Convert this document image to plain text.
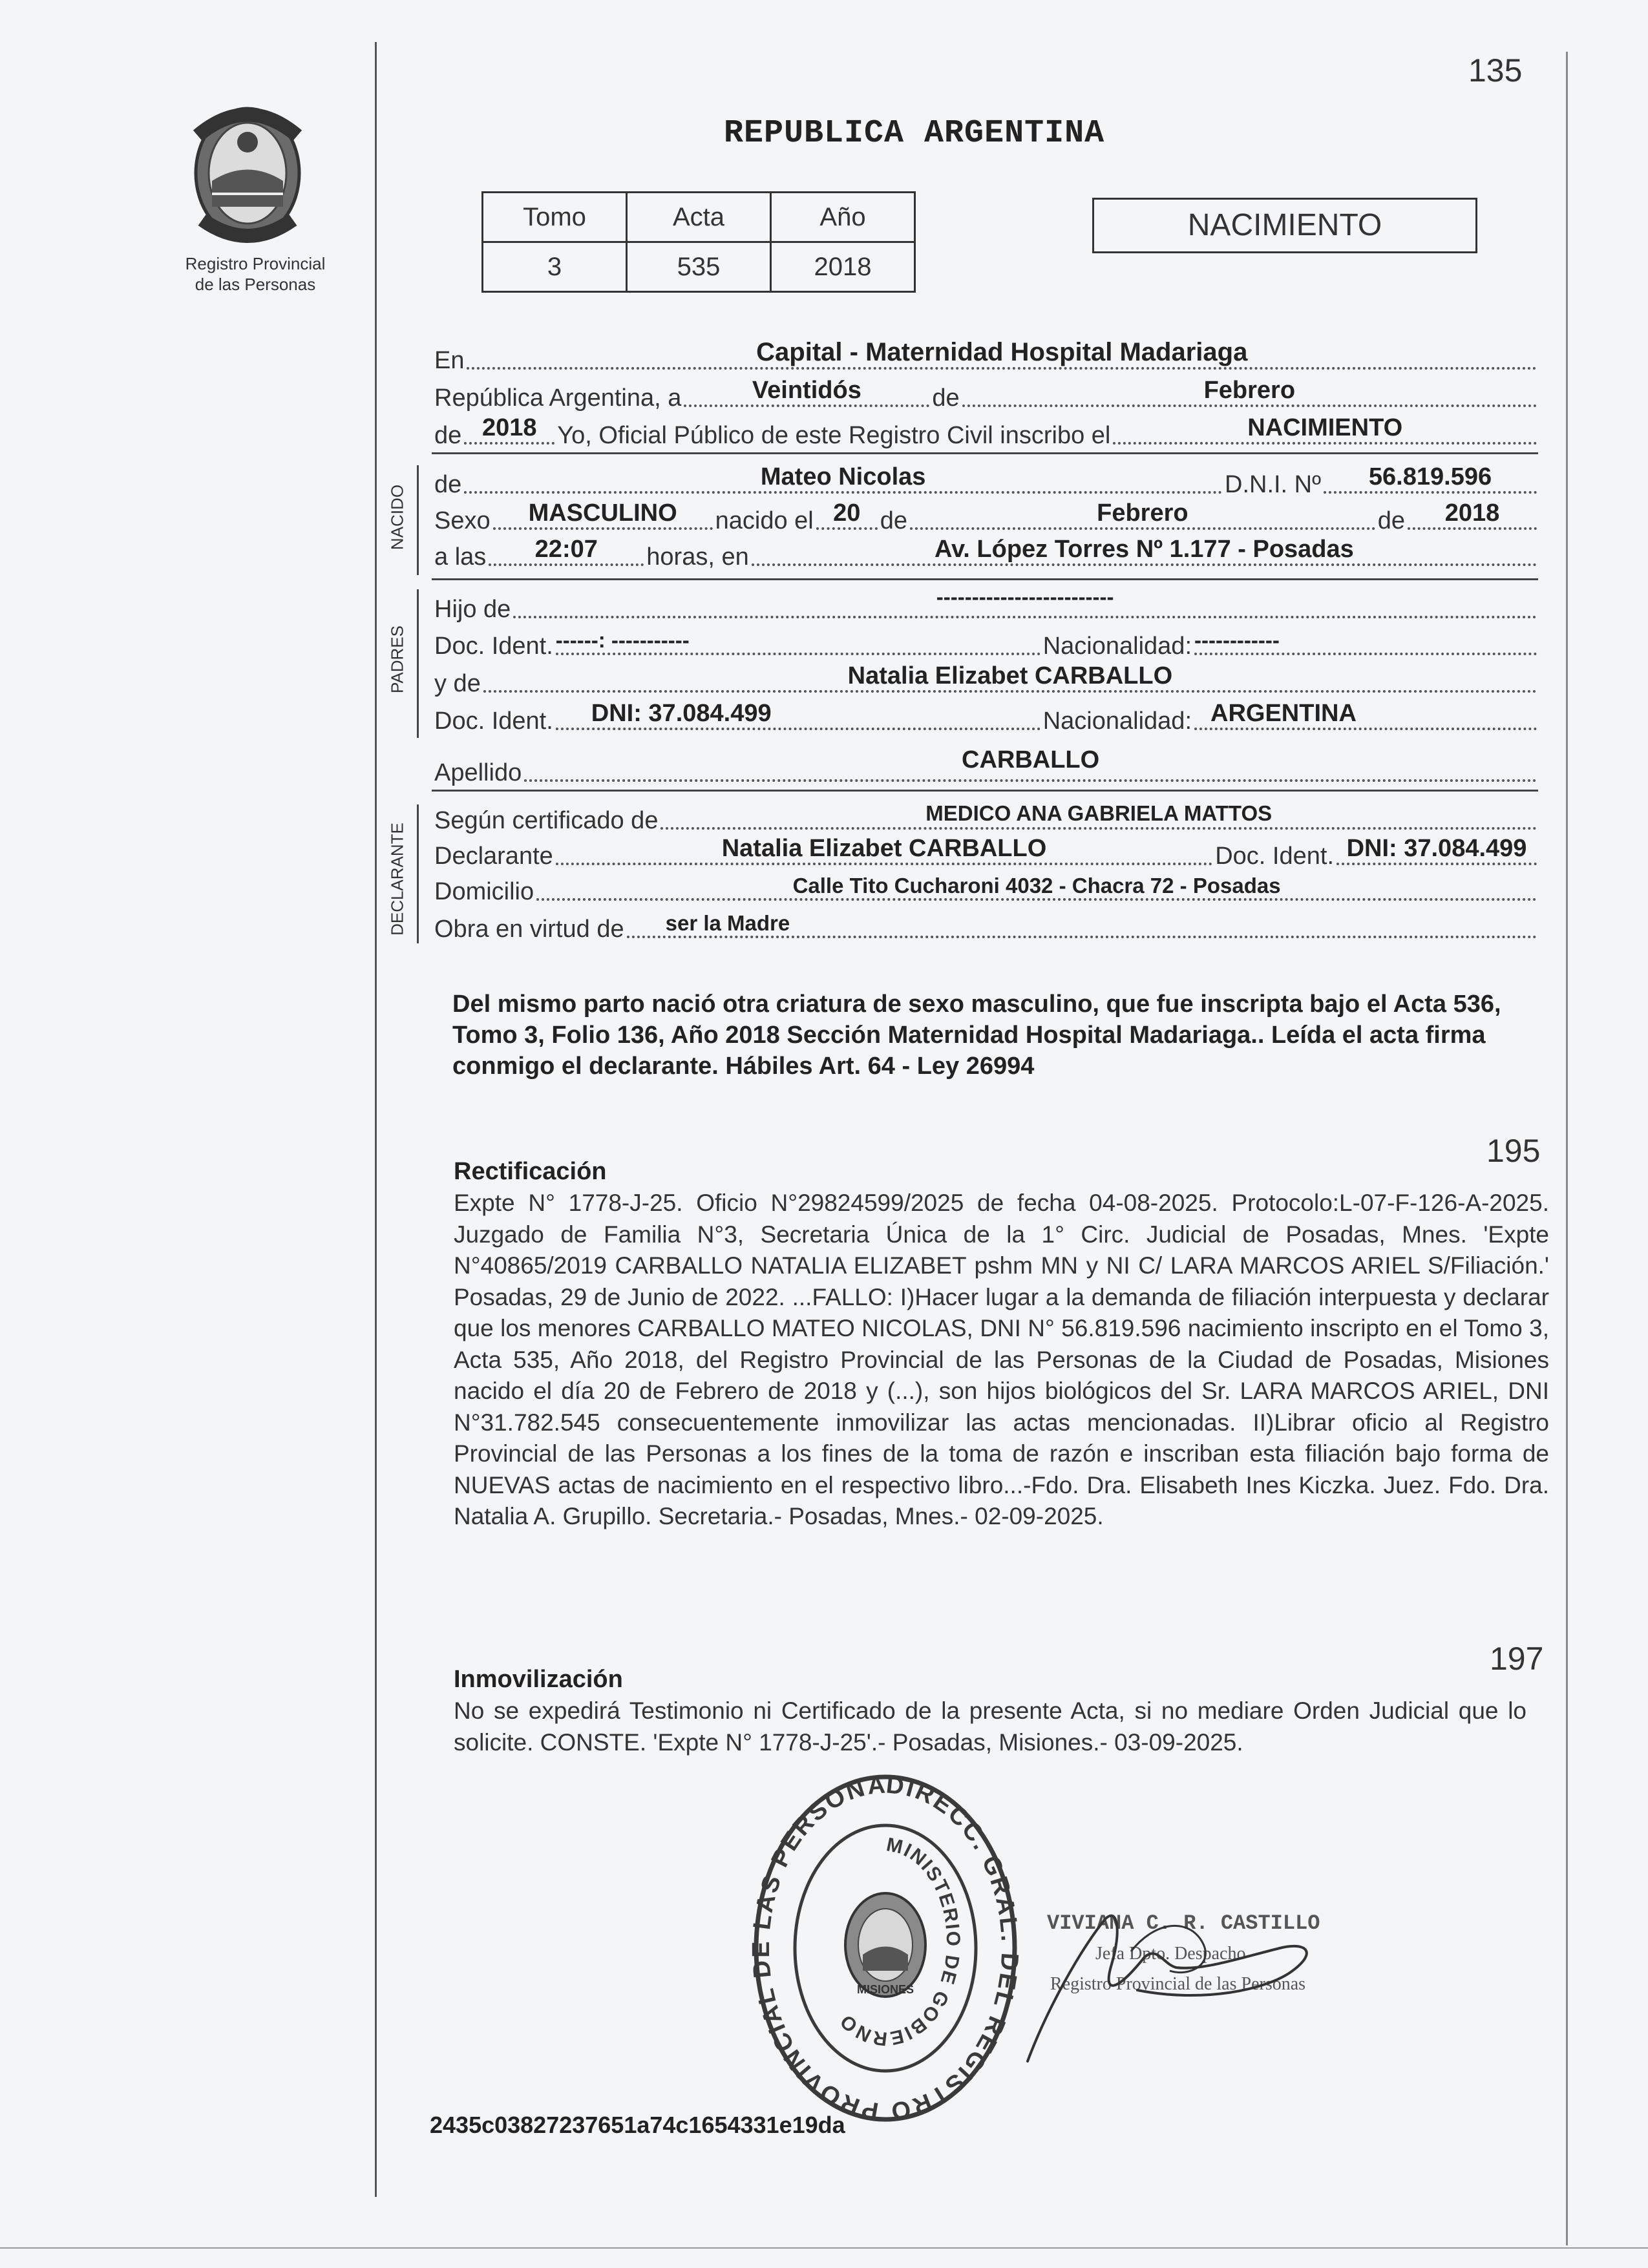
135
Registro Provincial
de las Personas
REPUBLICA ARGENTINA
Tomo	Acta	Año
3	535	2018
NACIMIENTO
En	Capital - Maternidad Hospital Madariaga
República Argentina, a	Veintidós	de	Febrero
de 2018 Yo, Oficial Público de este Registro Civil inscribo el	NACIMIENTO
NACIDO de	Mateo Nicolas	D.N.I. Nº	56.819.596
Sexo	MASCULINO	nacido el 20 de	Febrero	de	2018
a las	22:07	horas, en	Av. López Torres Nº 1.177 - Posadas
PADRES
Hijo de	-------------------------
Doc. Ident. ------: -----------	Nacionalidad: ------------
y de	Natalia Elizabet CARBALLO
Doc. Ident.	DNI: 37.084.499	Nacionalidad: ARGENTINA
Apellido	CARBALLO
DECLARANTE
Según certificado de	MEDICO ANA GABRIELA MATTOS
Declarante	Natalia Elizabet CARBALLO	Doc. Ident. DNI: 37.084.499
Domicilio	Calle Tito Cucharoni 4032 - Chacra 72 - Posadas
Obra en virtud de	ser la Madre
Del mismo parto nació otra criatura de sexo masculino, que fue inscripta bajo el Acta 536, Tomo 3, Folio 136, Año 2018 Sección Maternidad Hospital Madariaga.. Leída el acta firma conmigo el declarante. Hábiles Art. 64 - Ley 26994
195
Rectificación
Expte N° 1778-J-25. Oficio N°29824599/2025 de fecha 04-08-2025. Protocolo:L-07-F-126-A-2025. Juzgado de Familia N°3, Secretaria Única de la 1° Circ. Judicial de Posadas, Mnes. 'Expte N°40865/2019 CARBALLO NATALIA ELIZABET pshm MN y NI C/ LARA MARCOS ARIEL S/Filiación.' Posadas, 29 de Junio de 2022. ...FALLO: I)Hacer lugar a la demanda de filiación interpuesta y declarar que los menores CARBALLO MATEO NICOLAS, DNI N° 56.819.596 nacimiento inscripto en el Tomo 3, Acta 535, Año 2018, del Registro Provincial de las Personas de la Ciudad de Posadas, Misiones nacido el día 20 de Febrero de 2018 y (...), son hijos biológicos del Sr. LARA MARCOS ARIEL, DNI N°31.782.545 consecuentemente inmovilizar las actas mencionadas. II)Librar oficio al Registro Provincial de las Personas a los fines de la toma de razón e inscriban esta filiación bajo forma de NUEVAS actas de nacimiento en el respectivo libro...-Fdo. Dra. Elisabeth Ines Kiczka. Juez. Fdo. Dra. Natalia A. Grupillo. Secretaria.- Posadas, Mnes.- 02-09-2025.
197
Inmovilización
No se expedirá Testimonio ni Certificado de la presente Acta, si no mediare Orden Judicial que lo solicite. CONSTE. 'Expte N° 1778-J-25'.- Posadas, Misiones.- 03-09-2025.
DIRECC. GRAL. DEL REGISTRO PROVINCIAL DE LAS PERSONA
MINISTERIO DE GOBIERNO
MISIONES
VIVIANA C. R. CASTILLO
Jefa Dpto. Despacho
Registro Provincial de las Personas
2435c03827237651a74c1654331e19da
